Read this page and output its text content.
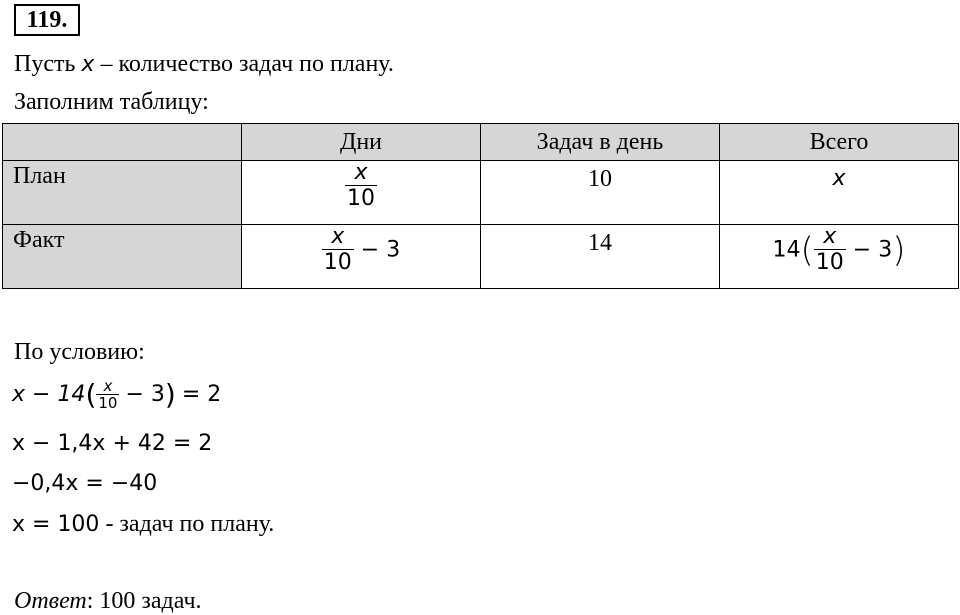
119.
Пусть x – количество задач по плану.
Заполним таблицу:
	Дни	Задач в день	Всего
План	$\frac{x}{10}$	10	x
Факт	$\frac{x}{10} - 3$	14	$14( \frac{x}{10} - 3)$
По условию:
x − 14 ( $\frac{x}{10} - 3$ ) = 2
x − 1,4x + 42 = 2
−0,4x = −40
x = 100 - задач по плану.
Ответ: 100 задач.
